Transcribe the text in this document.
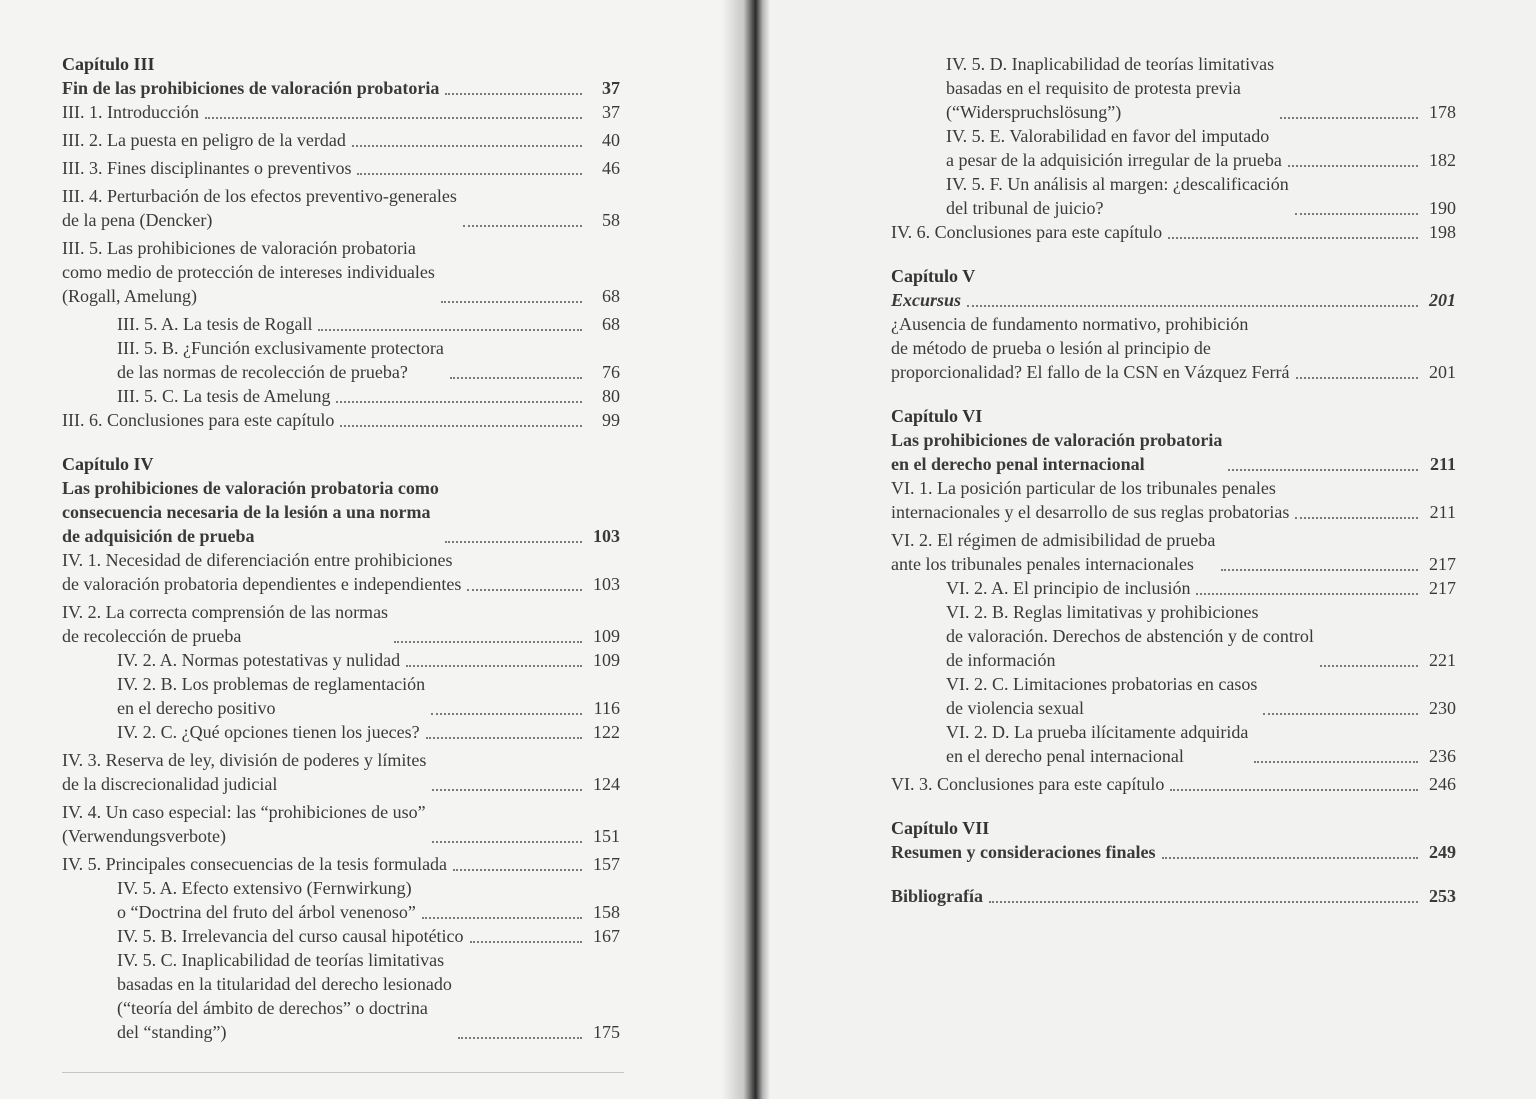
Capítulo III
Fin de las prohibiciones de valoración probatoria	37
III. 1. Introducción	37
III. 2. La puesta en peligro de la verdad	40
III. 3. Fines disciplinantes o preventivos	46
III. 4. Perturbación de los efectos preventivo-generales
de la pena (Dencker)	58
III. 5. Las prohibiciones de valoración probatoria
como medio de protección de intereses individuales
(Rogall, Amelung)	68
III. 5. A. La tesis de Rogall	68
III. 5. B. ¿Función exclusivamente protectora
de las normas de recolección de prueba?	76
III. 5. C. La tesis de Amelung	80
III. 6. Conclusiones para este capítulo	99
Capítulo IV
Las prohibiciones de valoración probatoria como
consecuencia necesaria de la lesión a una norma
de adquisición de prueba	103
IV. 1. Necesidad de diferenciación entre prohibiciones
de valoración probatoria dependientes e independientes	103
IV. 2. La correcta comprensión de las normas
de recolección de prueba	109
IV. 2. A. Normas potestativas y nulidad	109
IV. 2. B. Los problemas de reglamentación
en el derecho positivo	116
IV. 2. C. ¿Qué opciones tienen los jueces?	122
IV. 3. Reserva de ley, división de poderes y límites
de la discrecionalidad judicial	124
IV. 4. Un caso especial: las “prohibiciones de uso”
(Verwendungsverbote)	151
IV. 5. Principales consecuencias de la tesis formulada	157
IV. 5. A. Efecto extensivo (Fernwirkung)
o “Doctrina del fruto del árbol venenoso”	158
IV. 5. B. Irrelevancia del curso causal hipotético	167
IV. 5. C. Inaplicabilidad de teorías limitativas
basadas en la titularidad del derecho lesionado
(“teoría del ámbito de derechos” o doctrina
del “standing”)	175
IV. 5. D. Inaplicabilidad de teorías limitativas
basadas en el requisito de protesta previa
(“Widerspruchslösung”)	178
IV. 5. E. Valorabilidad en favor del imputado
a pesar de la adquisición irregular de la prueba	182
IV. 5. F. Un análisis al margen: ¿descalificación
del tribunal de juicio?	190
IV. 6. Conclusiones para este capítulo	198
Capítulo V
Excursus	201
¿Ausencia de fundamento normativo, prohibición
de método de prueba o lesión al principio de
proporcionalidad? El fallo de la CSN en Vázquez Ferrá	201
Capítulo VI
Las prohibiciones de valoración probatoria
en el derecho penal internacional	211
VI. 1. La posición particular de los tribunales penales
internacionales y el desarrollo de sus reglas probatorias	211
VI. 2. El régimen de admisibilidad de prueba
ante los tribunales penales internacionales	217
VI. 2. A. El principio de inclusión	217
VI. 2. B. Reglas limitativas y prohibiciones
de valoración. Derechos de abstención y de control
de información	221
VI. 2. C. Limitaciones probatorias en casos
de violencia sexual	230
VI. 2. D. La prueba ilícitamente adquirida
en el derecho penal internacional	236
VI. 3. Conclusiones para este capítulo	246
Capítulo VII
Resumen y consideraciones finales	249
Bibliografía	253
